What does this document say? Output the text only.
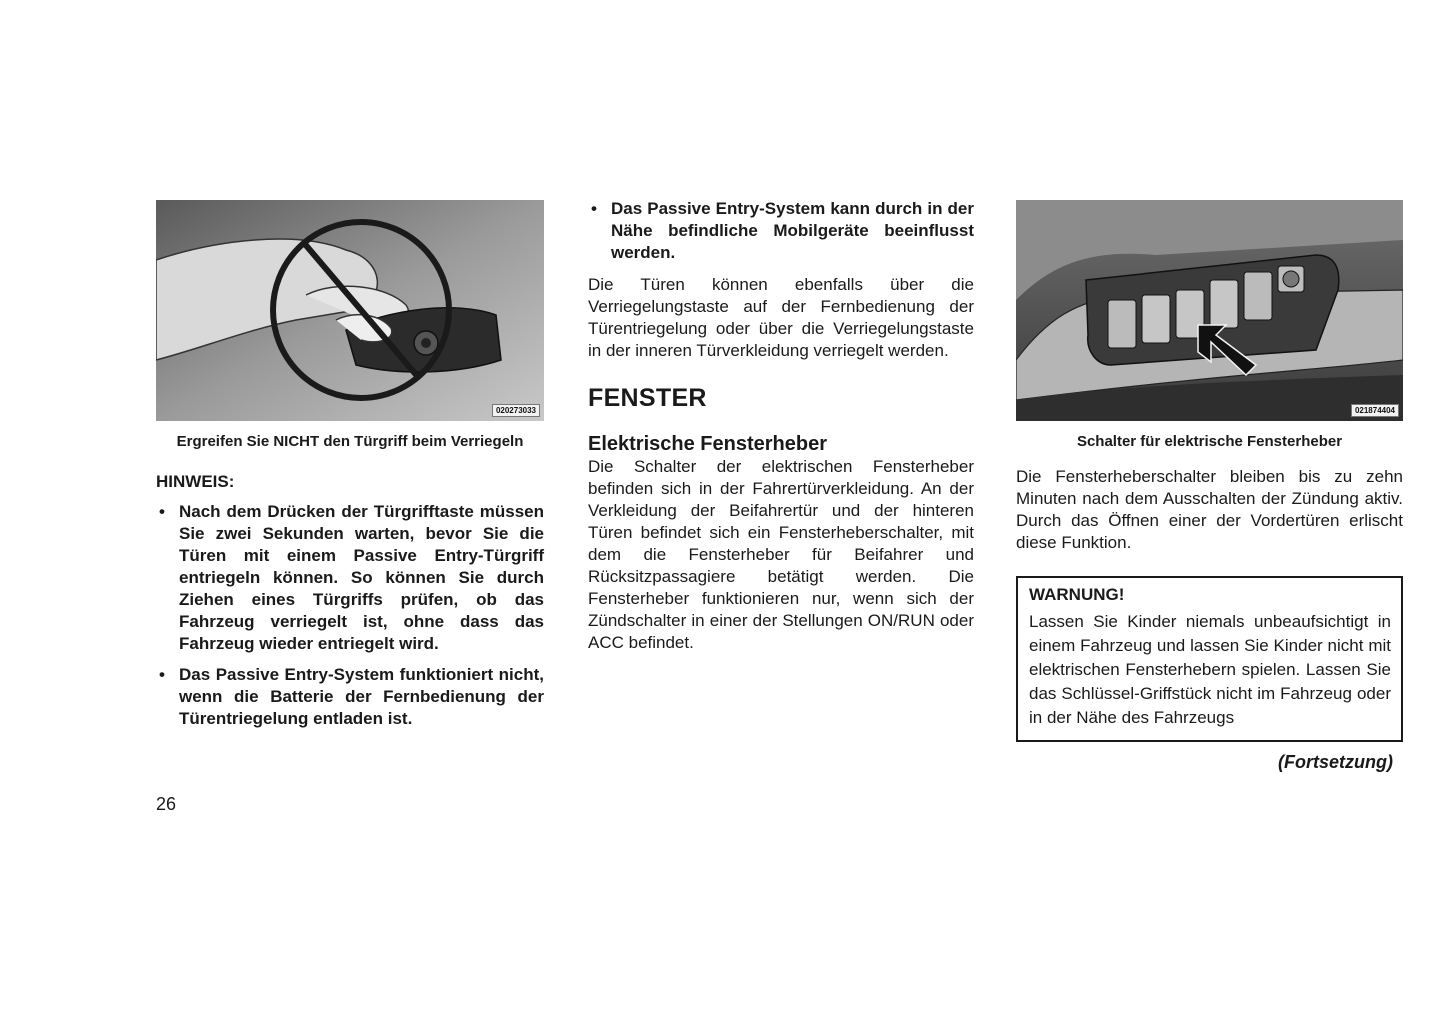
020273033
Ergreifen Sie NICHT den Türgriff beim Verriegeln
HINWEIS:
• Nach dem Drücken der Türgrifftaste müssen Sie zwei Sekunden warten, bevor Sie die Türen mit einem Passive Entry-Türgriff entriegeln können. So können Sie durch Ziehen eines Türgriffs prüfen, ob das Fahrzeug verriegelt ist, ohne dass das Fahrzeug wieder entriegelt wird.
• Das Passive Entry-System funktioniert nicht, wenn die Batterie der Fernbedienung der Türentriegelung entladen ist.
• Das Passive Entry-System kann durch in der Nähe befindliche Mobilgeräte beeinflusst werden.
Die Türen können ebenfalls über die Verriegelungstaste auf der Fernbedienung der Türentriegelung oder über die Verriegelungstaste in der inneren Türverkleidung verriegelt werden.
FENSTER
Elektrische Fensterheber
Die Schalter der elektrischen Fensterheber befinden sich in der Fahrertürverkleidung. An der Verkleidung der Beifahrertür und der hinteren Türen befindet sich ein Fensterheberschalter, mit dem die Fensterheber für Beifahrer und Rücksitzpassagiere betätigt werden. Die Fensterheber funktionieren nur, wenn sich der Zündschalter in einer der Stellungen ON/RUN oder ACC befindet.
021874404
Schalter für elektrische Fensterheber
Die Fensterheberschalter bleiben bis zu zehn Minuten nach dem Ausschalten der Zündung aktiv. Durch das Öffnen einer der Vordertüren erlischt diese Funktion.
WARNUNG!
Lassen Sie Kinder niemals unbeaufsichtigt in einem Fahrzeug und lassen Sie Kinder nicht mit elektrischen Fensterhebern spielen. Lassen Sie das Schlüssel-Griffstück nicht im Fahrzeug oder in der Nähe des Fahrzeugs
(Fortsetzung)
26
